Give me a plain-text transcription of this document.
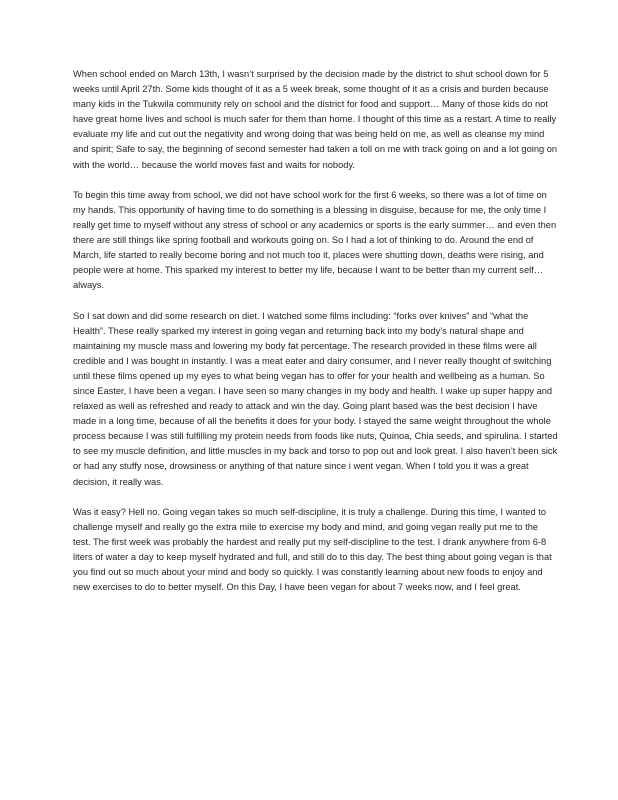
When school ended on March 13th, I wasn’t surprised by the decision made by the district to shut school down for 5 weeks until April 27th. Some kids thought of it as a 5 week break, some thought of it as a crisis and burden because many kids in the Tukwila community rely on school and the district for food and support… Many of those kids do not have great home lives and school is much safer for them than home. I thought of this time as a restart. A time to really evaluate my life and cut out the negativity and wrong doing that was being held on me, as well as cleanse my mind and spirit; Safe to say, the beginning of second semester had taken a toll on me with track going on and a lot going on with the world… because the world moves fast and waits for nobody.

To begin this time away from school, we did not have school work for the first 6 weeks, so there was a lot of time on my hands. This opportunity of having time to do something is a blessing in disguise, because for me, the only time I really get time to myself without any stress of school or any academics or sports is the early summer… and even then there are still things like spring football and workouts going on. So I had a lot of thinking to do. Around the end of March, life started to really become boring and not much too it, places were shutting down, deaths were rising, and people were at home. This sparked my interest to better my life, because I want to be better than my current self… always.

So I sat down and did some research on diet. I watched some films including: “forks over knives” and “what the Health”. These really sparked my interest in going vegan and returning back into my body’s natural shape and maintaining my muscle mass and lowering my body fat percentage. The research provided in these films were all credible and I was bought in instantly. I was a meat eater and dairy consumer, and I never really thought of switching until these films opened up my eyes to what being vegan has to offer for your health and wellbeing as a human. So since Easter, I have been a vegan. I have seen so many changes in my body and health. I wake up super happy and relaxed as well as refreshed and ready to attack and win the day. Going plant based was the best decision I have made in a long time, because of all the benefits it does for your body. I stayed the same weight throughout the whole process because I was still fulfilling my protein needs from foods like nuts, Quinoa, Chia seeds, and spirulina. I started to see my muscle definition, and little muscles in my back and torso to pop out and look great. I also haven’t been sick or had any stuffy nose, drowsiness or anything of that nature since i went vegan. When I told you it was a great decision, it really was.

Was it easy? Hell no. Going vegan takes so much self-discipline, it is truly a challenge. During this time, I wanted to challenge myself and really go the extra mile to exercise my body and mind, and going vegan really put me to the test. The first week was probably the hardest and really put my self-discipline to the test. I drank anywhere from 6-8 liters of water a day to keep myself hydrated and full, and still do to this day. The best thing about going vegan is that you find out so much about your mind and body so quickly. I was constantly learning about new foods to enjoy and new exercises to do to better myself. On this Day, I have been vegan for about 7 weeks now, and I feel great.
